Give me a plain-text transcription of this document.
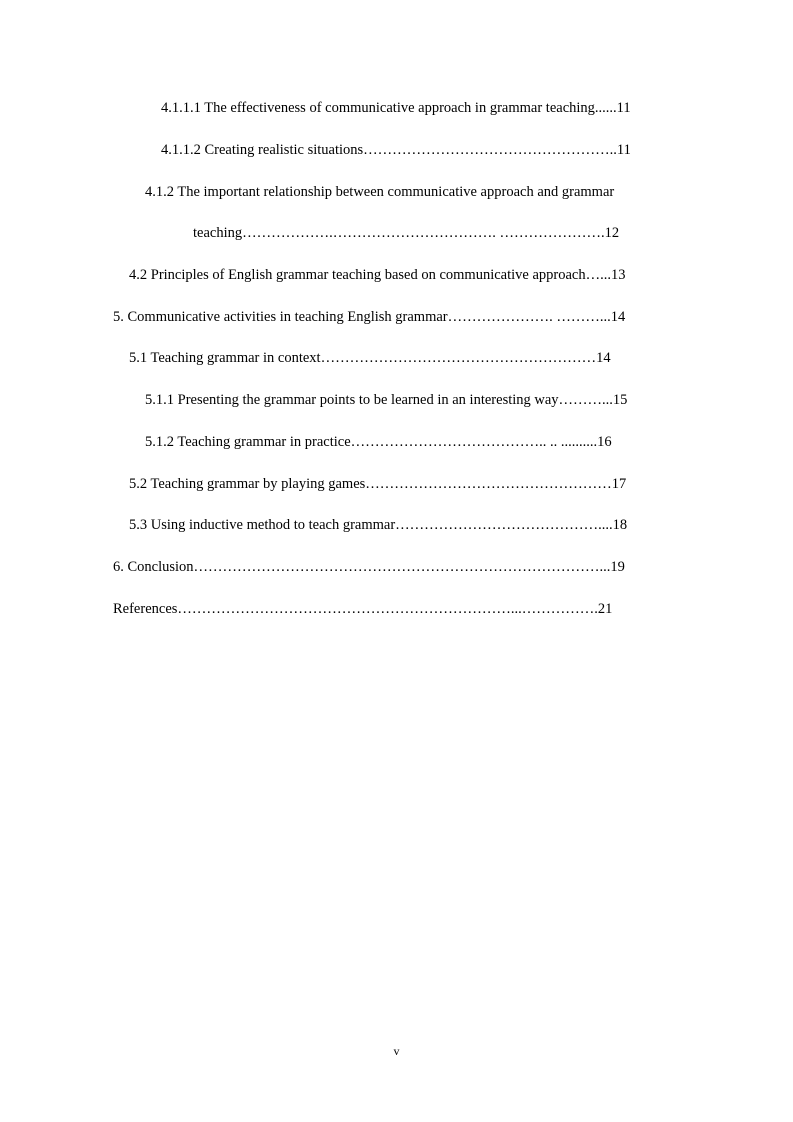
4.1.1.1 The effectiveness of communicative approach in grammar teaching......11
4.1.1.2 Creating realistic situations……………………………………………..11
4.1.2 The important relationship between communicative approach and grammar
teaching……………….……………………………. ………………….12
4.2 Principles of English grammar teaching based on communicative approach…...13
5. Communicative activities in teaching English grammar…………………. ………...14
5.1 Teaching grammar in context…………………………………………………14
5.1.1 Presenting the grammar points to be learned in an interesting way………...15
5.1.2 Teaching grammar in practice………………………………….. .. ..........16
5.2 Teaching grammar by playing games……………………………………………17
5.3 Using inductive method to teach grammar……………………………………....18
6. Conclusion…………………………………………………………………………...19
References……………………………………………………………...…………….21
v
